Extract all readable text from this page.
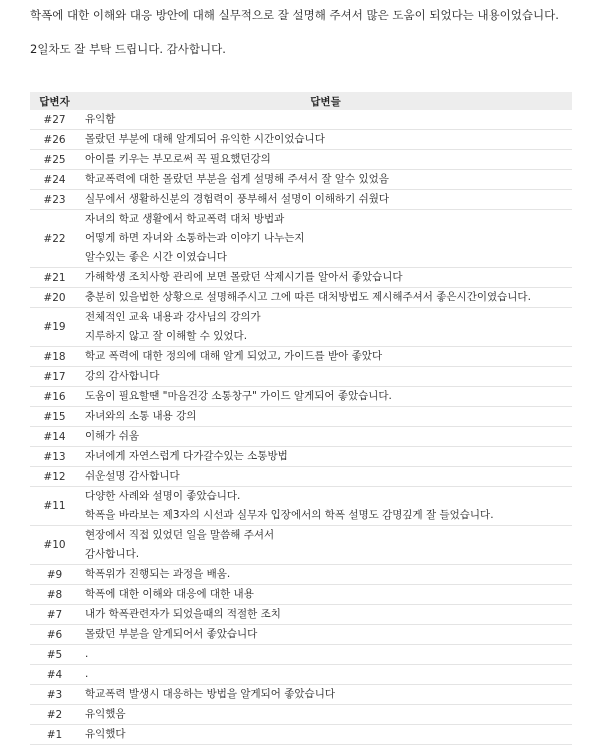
학폭에 대한 이해와 대응 방안에 대해 실무적으로 잘 설명해 주셔서 많은 도움이 되었다는 내용이었습니다.
2일차도 잘 부탁 드립니다. 감사합니다.
답변자	답변들
#27	유익함

#26	몰랐던 부분에 대해 알게되어 유익한 시간이었습니다

#25	아이를 키우는 부모로써 꼭 필요했던강의

#24	학교폭력에 대한 몰랐던 부분을 쉽게 설명해 주셔서 잘 알수 있었음

#23	실무에서 생활하신분의 경험력이 풍부해서 설명이 이해하기 쉬웠다

#22	자녀의 학교 생활에서 학교폭력 대처 방법과
어떻게 하면 자녀와 소통하는과 이야기 나누는지
알수있는 좋은 시간 이였습니다

#21	가해학생 조치사항 관리에 보면 몰랐던 삭제시기를 알아서 좋았습니다

#20	충분히 있을법한 상황으로 설명해주시고 그에 따른 대처방법도 제시해주셔서 좋은시간이였습니다.

#19	전체적인 교육 내용과 강사님의 강의가
지루하지 않고 잘 이해할 수 있었다.

#18	학교 폭력에 대한 정의에 대해 알게 되었고, 가이드를 받아 좋았다

#17	강의 감사합니다

#16	도움이 필요할땐 "마음건강 소통창구" 가이드 알게되어 좋았습니다.

#15	자녀와의 소통 내용 강의

#14	이해가 쉬움

#13	자녀에게 자연스럽게 다가갈수있는 소통방법

#12	쉬운설명 감사합니다

#11	다양한 사례와 설명이 좋았습니다.
학폭을 바라보는 제3자의 시선과 실무자 입장에서의 학폭 설명도 감명깊게 잘 들었습니다.

#10	현장에서 직접 있었던 일을 말씀해 주셔서
감사합니다.

#9	학폭위가 진행되는 과정을 배움.

#8	학폭에 대한 이해와 대응에 대한 내용

#7	내가 학폭관련자가 되었을때의 적절한 조치

#6	몰랐던 부분을 알게되어서 좋았습니다

#5	.

#4	.

#3	학교폭력 발생시 대응하는 방법을 알게되어 좋았습니다

#2	유익했음

#1	유익했다
